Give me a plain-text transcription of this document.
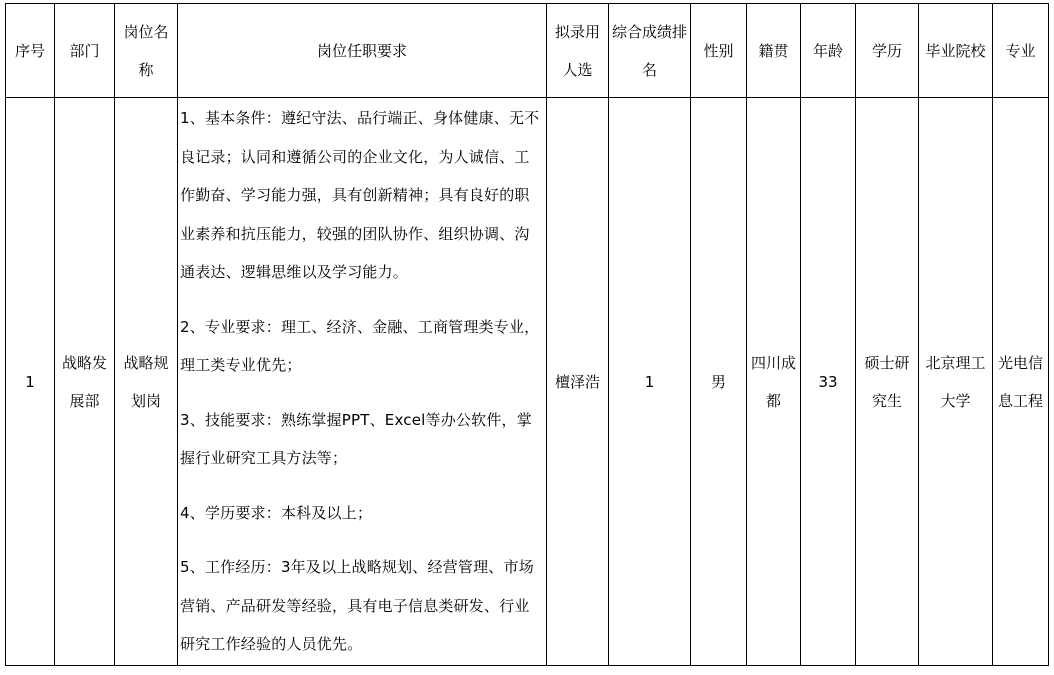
序号	部门	岗位名称	岗位任职要求	拟录用人选	综合成绩排名	性别	籍贯	年龄	学历	毕业院校	专业
1	战略发展部	战略规划岗	1、基本条件：遵纪守法、品行端正、身体健康、无不良记录；认同和遵循公司的企业文化，为人诚信、工作勤奋、学习能力强，具有创新精神；具有良好的职业素养和抗压能力，较强的团队协作、组织协调、沟通表达、逻辑思维以及学习能力。

2、专业要求：理工、经济、金融、工商管理类专业，理工类专业优先；

3、技能要求：熟练掌握PPT、Excel等办公软件，掌握行业研究工具方法等；

4、学历要求：本科及以上；

5、工作经历：3年及以上战略规划、经营管理、市场营销、产品研发等经验，具有电子信息类研发、行业研究工作经验的人员优先。	檀泽浩	1	男	四川成都	33	硕士研究生	北京理工大学	光电信息工程
